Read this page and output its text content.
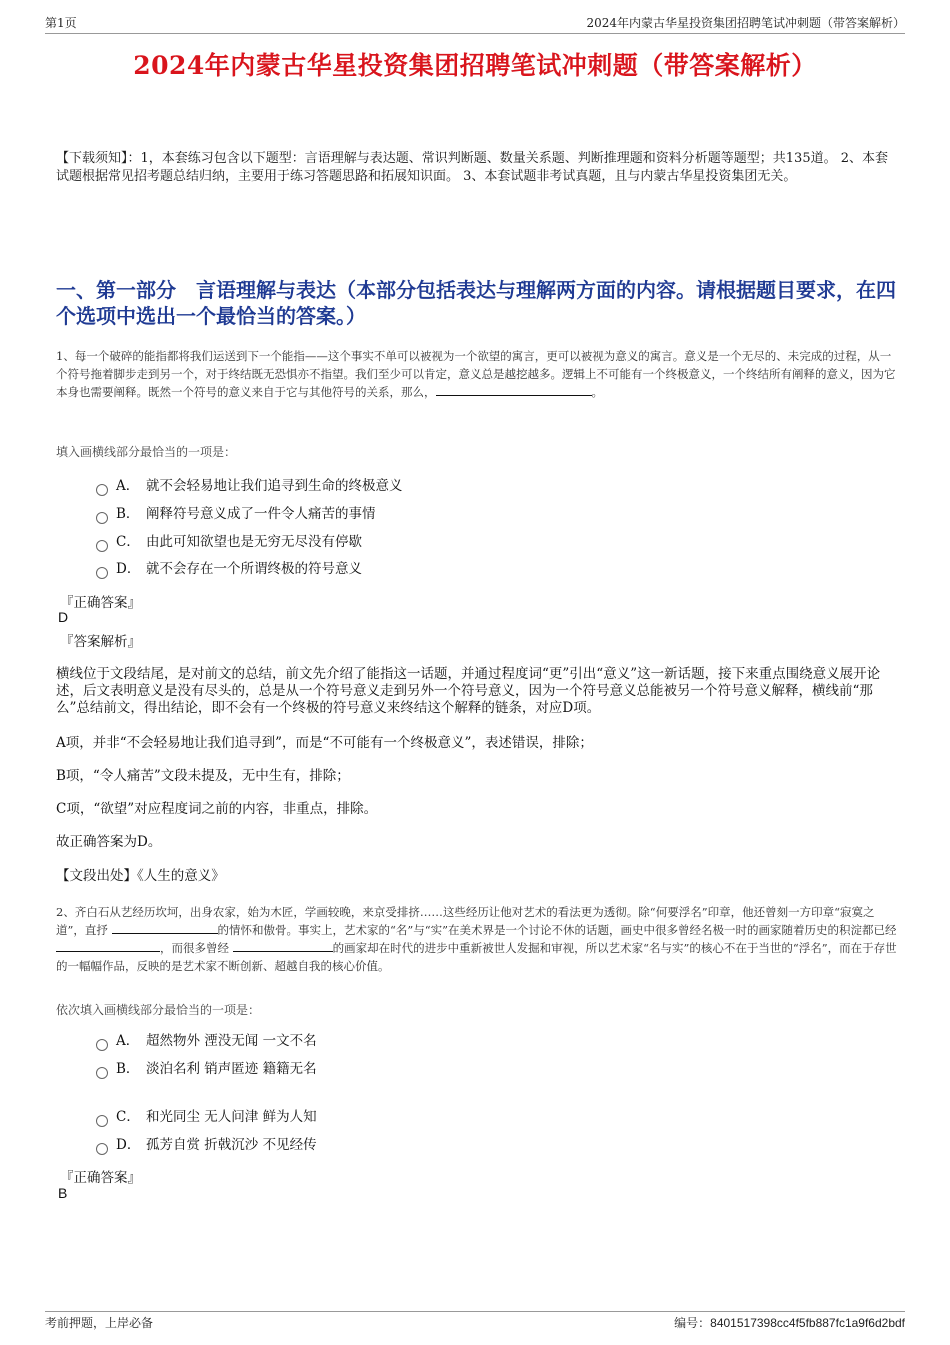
第1页	2024年内蒙古华星投资集团招聘笔试冲刺题（带答案解析）
2024年内蒙古华星投资集团招聘笔试冲刺题（带答案解析）

【下载须知】：1，本套练习包含以下题型：言语理解与表达题、常识判断题、数量关系题、判断推理题和资料分析题等题型；共135道。 2、本套试题根据常见招考题总结归纳，主要用于练习答题思路和拓展知识面。 3、本套试题非考试真题，且与内蒙古华星投资集团无关。

一、第一部分　言语理解与表达（本部分包括表达与理解两方面的内容。请根据题目要求，在四个选项中选出一个最恰当的答案。）

1、每一个破碎的能指都将我们运送到下一个能指——这个事实不单可以被视为一个欲望的寓言，更可以被视为意义的寓言。意义是一个无尽的、未完成的过程，从一个符号拖着脚步走到另一个，对于终结既无恐惧亦不指望。我们至少可以肯定，意义总是越挖越多。逻辑上不可能有一个终极意义，一个终结所有阐释的意义，因为它本身也需要阐释。既然一个符号的意义来自于它与其他符号的关系，那么，	。

填入画横线部分最恰当的一项是：

A． 就不会轻易地让我们追寻到生命的终极意义
B． 阐释符号意义成了一件令人痛苦的事情
C． 由此可知欲望也是无穷无尽没有停歇
D． 就不会存在一个所谓终极的符号意义
『正确答案』
D
『答案解析』

横线位于文段结尾，是对前文的总结，前文先介绍了能指这一话题，并通过程度词“更”引出“意义”这一新话题，接下来重点围绕意义展开论述，后文表明意义是没有尽头的，总是从一个符号意义走到另外一个符号意义，因为一个符号意义总能被另一个符号意义解释，横线前“那么”总结前文，得出结论，即不会有一个终极的符号意义来终结这个解释的链条，对应D项。

A项，并非“不会轻易地让我们追寻到”，而是“不可能有一个终极意义”，表述错误，排除；

B项，“令人痛苦”文段未提及，无中生有，排除；

C项，“欲望”对应程度词之前的内容，非重点，排除。

故正确答案为D。

【文段出处】《人生的意义》

2、齐白石从艺经历坎坷，出身农家，始为木匠，学画较晚，来京受排挤……这些经历让他对艺术的看法更为透彻。除“何要浮名”印章，他还曾刻一方印章“寂寞之道”，直抒	的情怀和傲骨。事实上，艺术家的“名”与“实”在美术界是一个讨论不休的话题，画史中很多曾经名极一时的画家随着历史的积淀都已经 ，而很多曾经	的画家却在时代的进步中重新被世人发掘和审视，所以艺术家“名与实”的核心不在于当世的“浮名”，而在于存世的一幅幅作品，反映的是艺术家不断创新、超越自我的核心价值。

依次填入画横线部分最恰当的一项是：

A． 超然物外 湮没无闻 一文不名
B． 淡泊名利 销声匿迹 籍籍无名
C． 和光同尘 无人问津 鲜为人知
D． 孤芳自赏 折戟沉沙 不见经传
『正确答案』
B
考前押题，上岸必备	编号：8401517398cc4f5fb887fc1a9f6d2bdf
